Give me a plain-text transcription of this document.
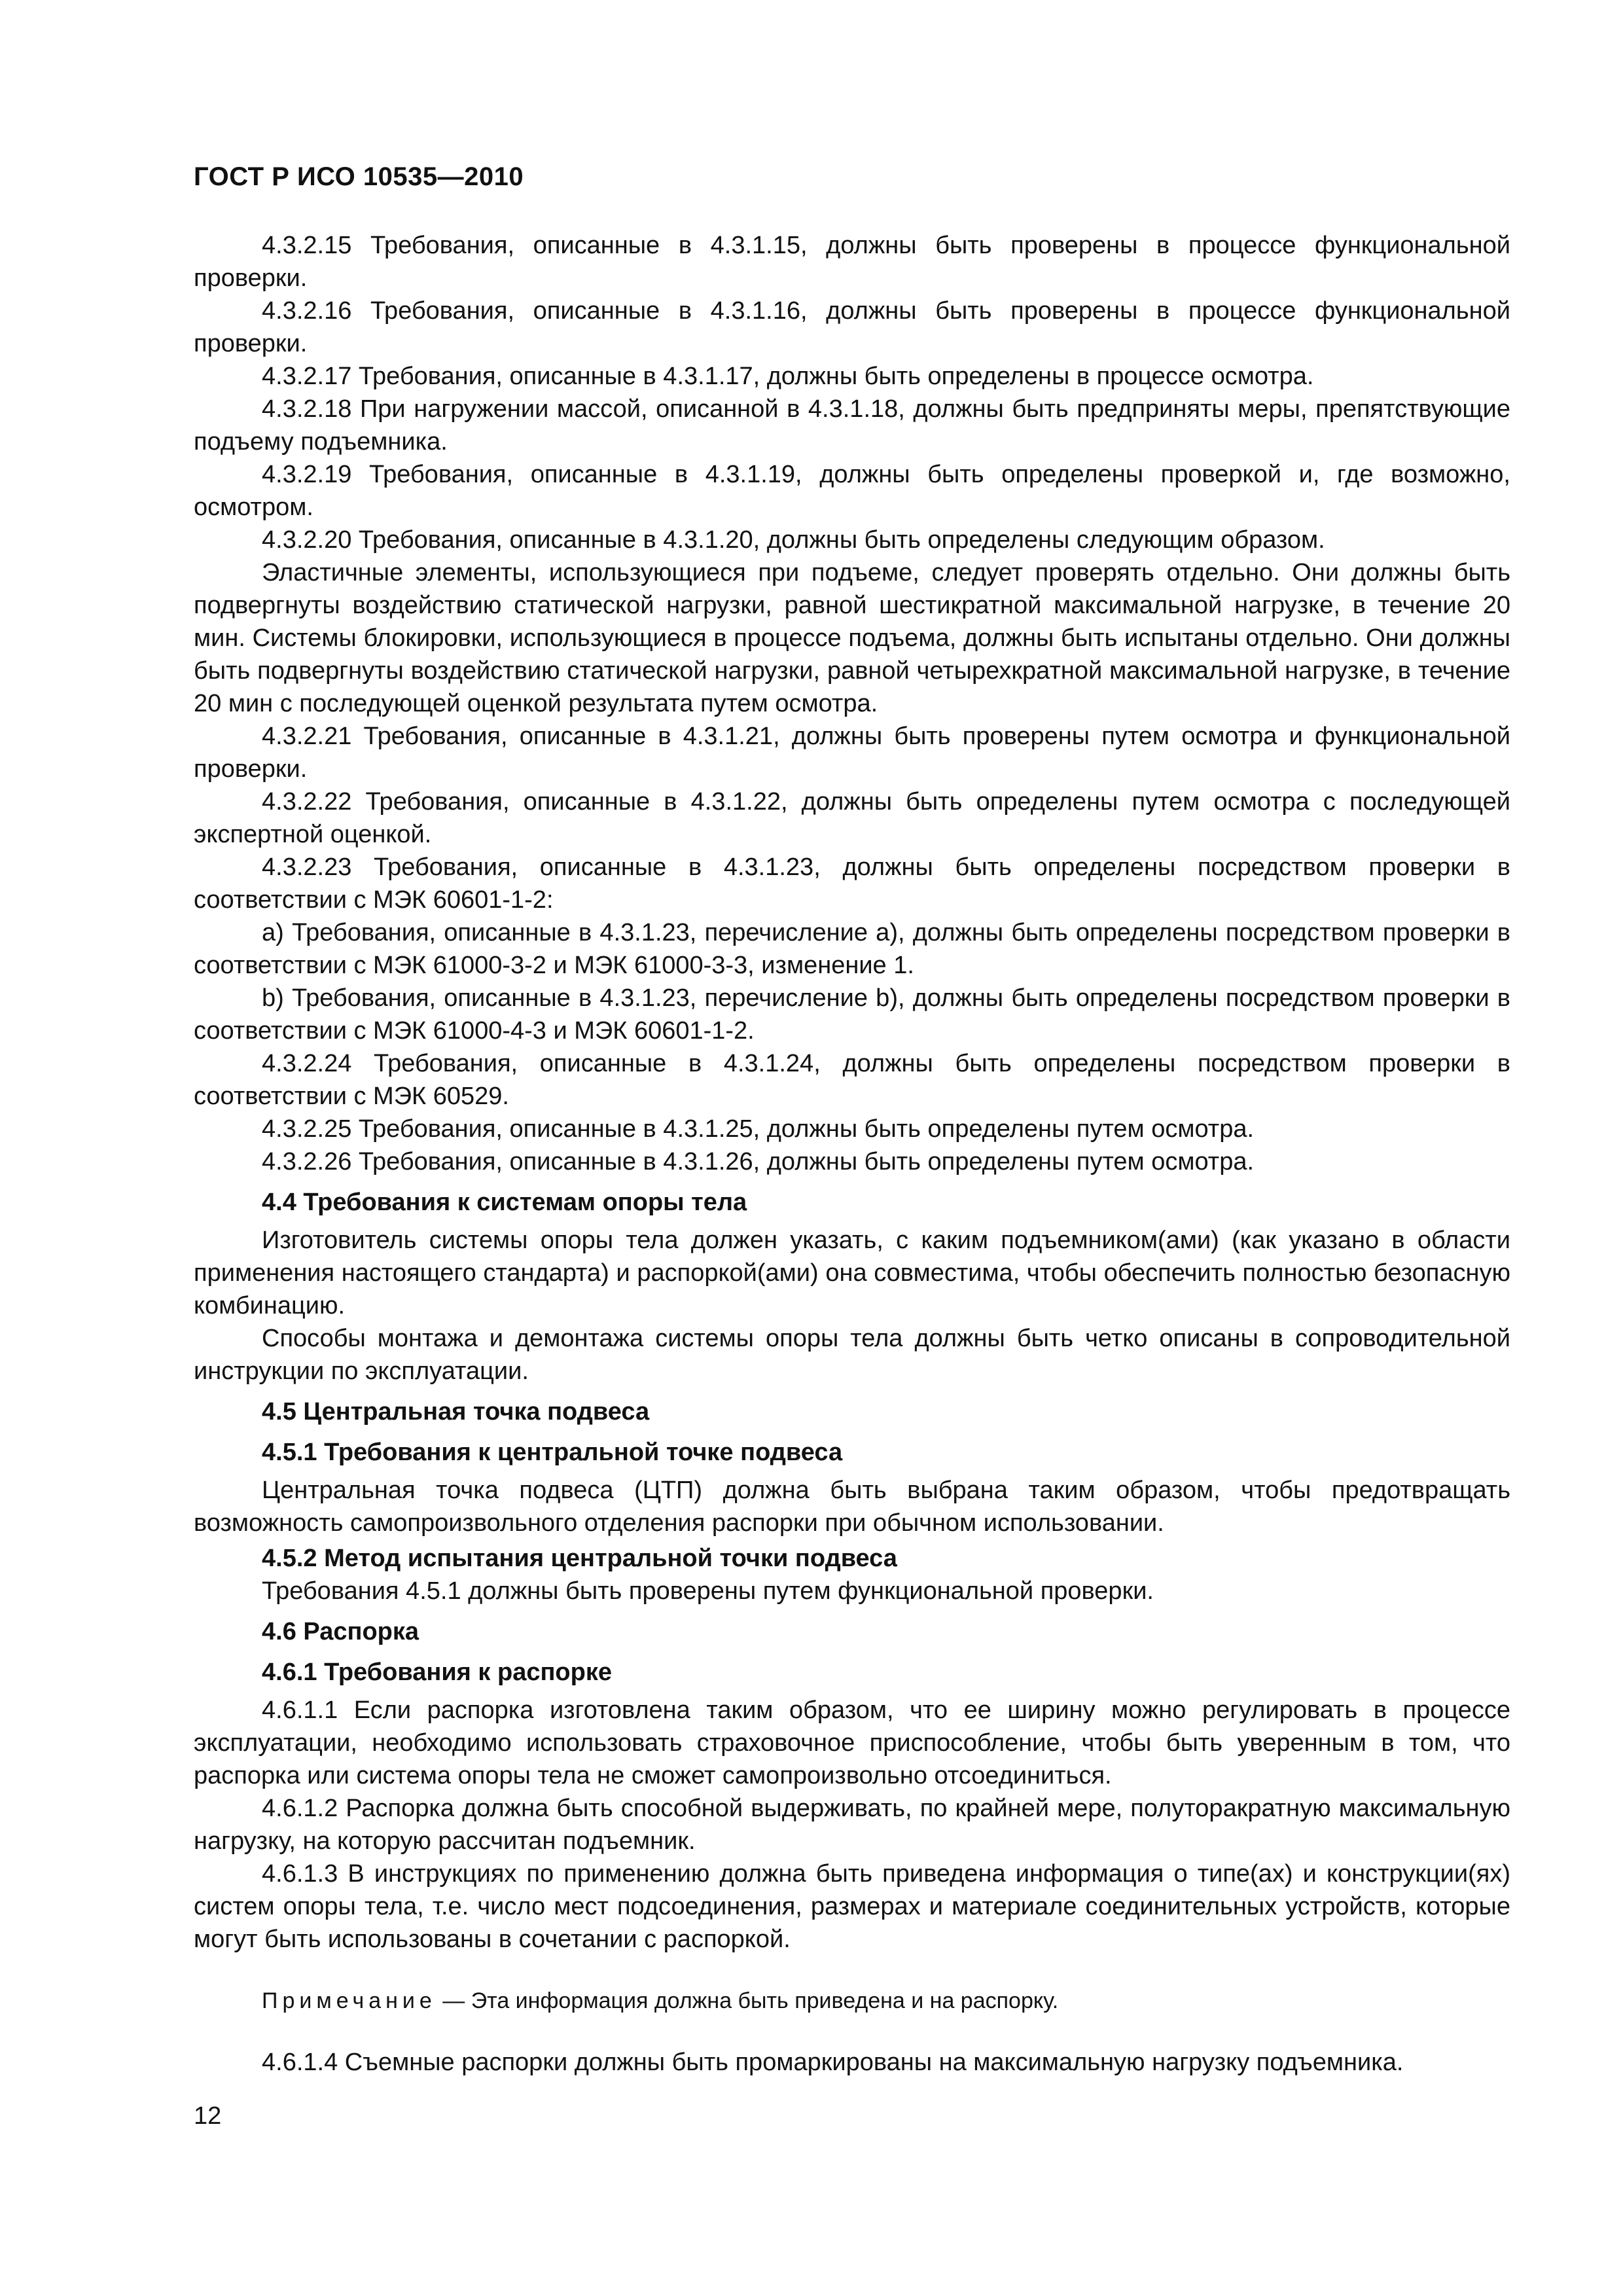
ГОСТ Р ИСО 10535—2010

4.3.2.15 Требования, описанные в 4.3.1.15, должны быть проверены в процессе функциональной проверки.

4.3.2.16 Требования, описанные в 4.3.1.16, должны быть проверены в процессе функциональной проверки.

4.3.2.17 Требования, описанные в 4.3.1.17, должны быть определены в процессе осмотра.

4.3.2.18 При нагружении массой, описанной в 4.3.1.18, должны быть предприняты меры, препятствующие подъему подъемника.

4.3.2.19 Требования, описанные в 4.3.1.19, должны быть определены проверкой и, где возможно, осмотром.

4.3.2.20 Требования, описанные в 4.3.1.20, должны быть определены следующим образом.

Эластичные элементы, использующиеся при подъеме, следует проверять отдельно. Они должны быть подвергнуты воздействию статической нагрузки, равной шестикратной максимальной нагрузке, в течение 20 мин. Системы блокировки, использующиеся в процессе подъема, должны быть испытаны отдельно. Они должны быть подвергнуты воздействию статической нагрузки, равной четырехкратной максимальной нагрузке, в течение 20 мин с последующей оценкой результата путем осмотра.

4.3.2.21 Требования, описанные в 4.3.1.21, должны быть проверены путем осмотра и функциональной проверки.

4.3.2.22 Требования, описанные в 4.3.1.22, должны быть определены путем осмотра с последующей экспертной оценкой.

4.3.2.23 Требования, описанные в 4.3.1.23, должны быть определены посредством проверки в соответствии с МЭК 60601-1-2:

a) Требования, описанные в 4.3.1.23, перечисление а), должны быть определены посредством проверки в соответствии с МЭК 61000-3-2 и МЭК 61000-3-3, изменение 1.

b) Требования, описанные в 4.3.1.23, перечисление b), должны быть определены посредством проверки в соответствии с МЭК 61000-4-3 и МЭК 60601-1-2.

4.3.2.24 Требования, описанные в 4.3.1.24, должны быть определены посредством проверки в соответствии с МЭК 60529.

4.3.2.25 Требования, описанные в 4.3.1.25, должны быть определены путем осмотра.

4.3.2.26 Требования, описанные в 4.3.1.26, должны быть определены путем осмотра.

4.4 Требования к системам опоры тела

Изготовитель системы опоры тела должен указать, с каким подъемником(ами) (как указано в области применения настоящего стандарта) и распоркой(ами) она совместима, чтобы обеспечить полностью безопасную комбинацию.

Способы монтажа и демонтажа системы опоры тела должны быть четко описаны в сопроводительной инструкции по эксплуатации.

4.5 Центральная точка подвеса

4.5.1 Требования к центральной точке подвеса

Центральная точка подвеса (ЦТП) должна быть выбрана таким образом, чтобы предотвращать возможность самопроизвольного отделения распорки при обычном использовании.

4.5.2 Метод испытания центральной точки подвеса

Требования 4.5.1 должны быть проверены путем функциональной проверки.

4.6 Распорка

4.6.1 Требования к распорке

4.6.1.1 Если распорка изготовлена таким образом, что ее ширину можно регулировать в процессе эксплуатации, необходимо использовать страховочное приспособление, чтобы быть уверенным в том, что распорка или система опоры тела не сможет самопроизвольно отсоединиться.

4.6.1.2 Распорка должна быть способной выдерживать, по крайней мере, полуторакратную максимальную нагрузку, на которую рассчитан подъемник.

4.6.1.3 В инструкциях по применению должна быть приведена информация о типе(ах) и конструкции(ях) систем опоры тела, т.е. число мест подсоединения, размерах и материале соединительных устройств, которые могут быть использованы в сочетании с распоркой.

Примечание — Эта информация должна быть приведена и на распорку.

4.6.1.4 Съемные распорки должны быть промаркированы на максимальную нагрузку подъемника.

12
